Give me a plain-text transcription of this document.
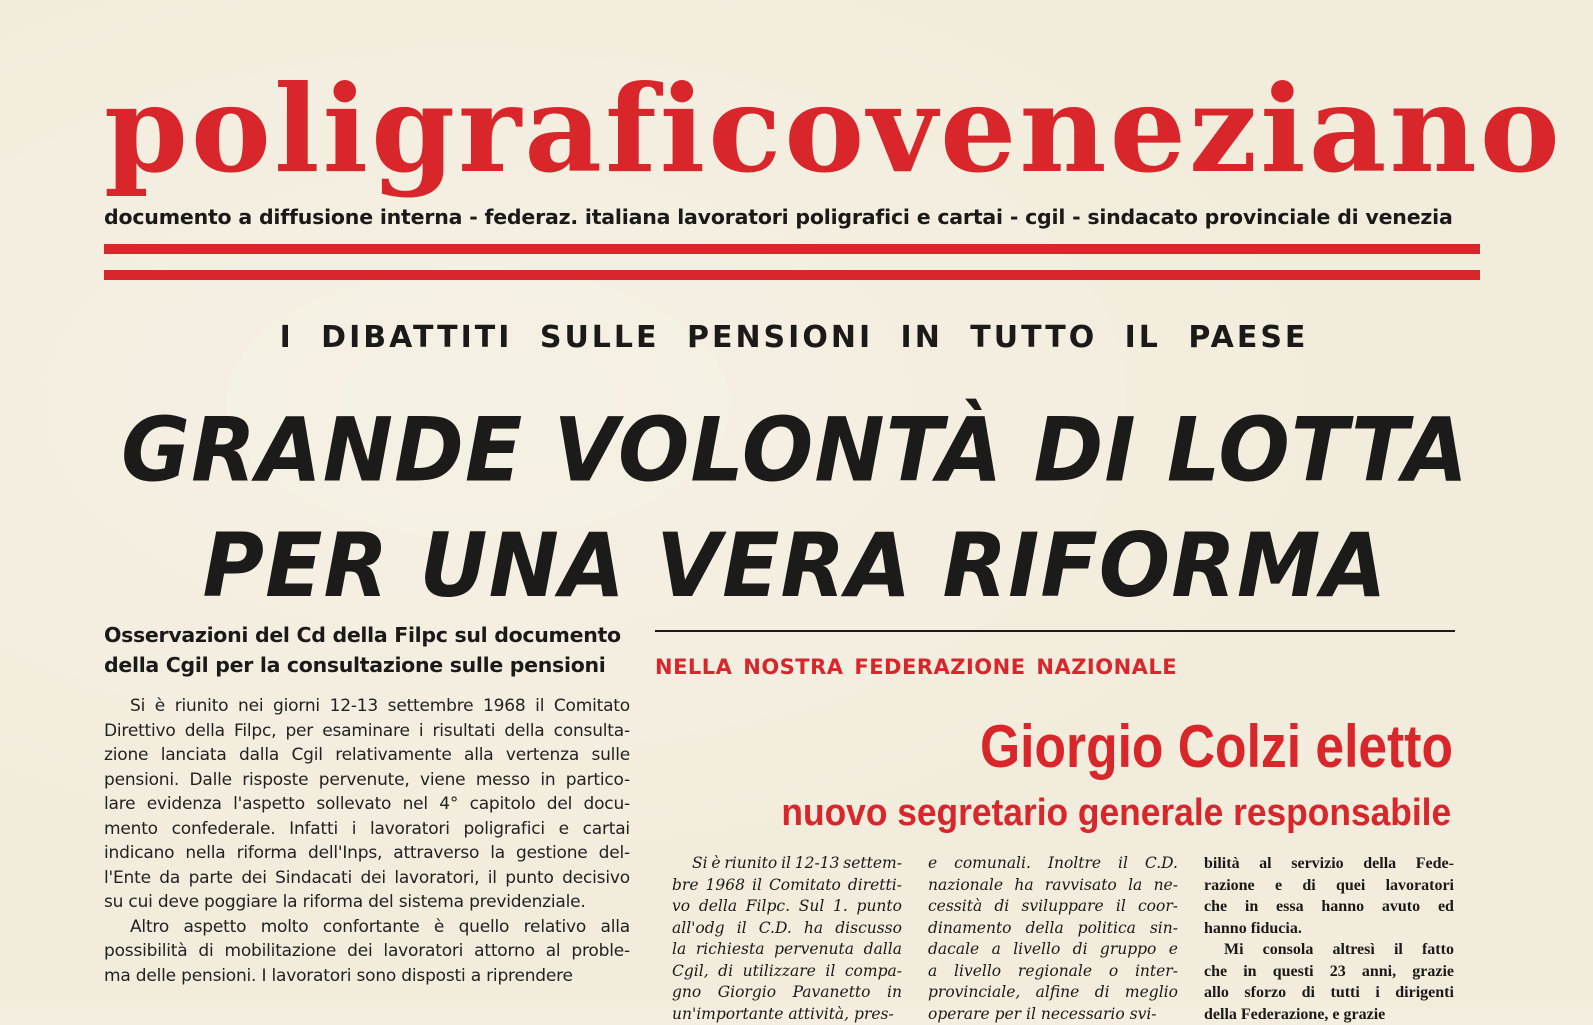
poligrafico veneziano
documento a diffusione interna - federaz. italiana lavoratori poligrafici e cartai - cgil - sindacato provinciale di venezia
I DIBATTITI SULLE PENSIONI IN TUTTO IL PAESE
GRANDE VOLONTÀ DI LOTTA
PER UNA VERA RIFORMA
Osservazioni del Cd della Filpc sul documento
della Cgil per la consultazione sulle pensioni
Si è riunito nei giorni 12-13 settembre 1968 il Comitato
Direttivo della Filpc, per esaminare i risultati della consulta-
zione lanciata dalla Cgil relativamente alla vertenza sulle
pensioni. Dalle risposte pervenute, viene messo in partico-
lare evidenza l'aspetto sollevato nel 4° capitolo del docu-
mento confederale. Infatti i lavoratori poligrafici e cartai
indicano nella riforma dell'Inps, attraverso la gestione del-
l'Ente da parte dei Sindacati dei lavoratori, il punto decisivo
su cui deve poggiare la riforma del sistema previdenziale.
Altro aspetto molto confortante è quello relativo alla
possibilità di mobilitazione dei lavoratori attorno al proble-
ma delle pensioni. I lavoratori sono disposti a riprendere
NELLA NOSTRA FEDERAZIONE NAZIONALE
Giorgio Colzi eletto
nuovo segretario generale responsabile
Si è riunito il 12-13 settem-
bre 1968 il Comitato diretti-
vo della Filpc. Sul 1. punto
all'odg il C.D. ha discusso
la richiesta pervenuta dalla
Cgil, di utilizzare il compa-
gno Giorgio Pavanetto in
un'importante attività, pres-
e comunali. Inoltre il C.D.
nazionale ha ravvisato la ne-
cessità di sviluppare il coor-
dinamento della politica sin-
dacale a livello di gruppo e
a livello regionale o inter-
provinciale, alfine di meglio
operare per il necessario svi-
bilità al servizio della Fede-
razione e di quei lavoratori
che in essa hanno avuto ed
hanno fiducia.
Mi consola altresì il fatto
che in questi 23 anni, grazie
allo sforzo di tutti i dirigenti
della Federazione, e grazie
